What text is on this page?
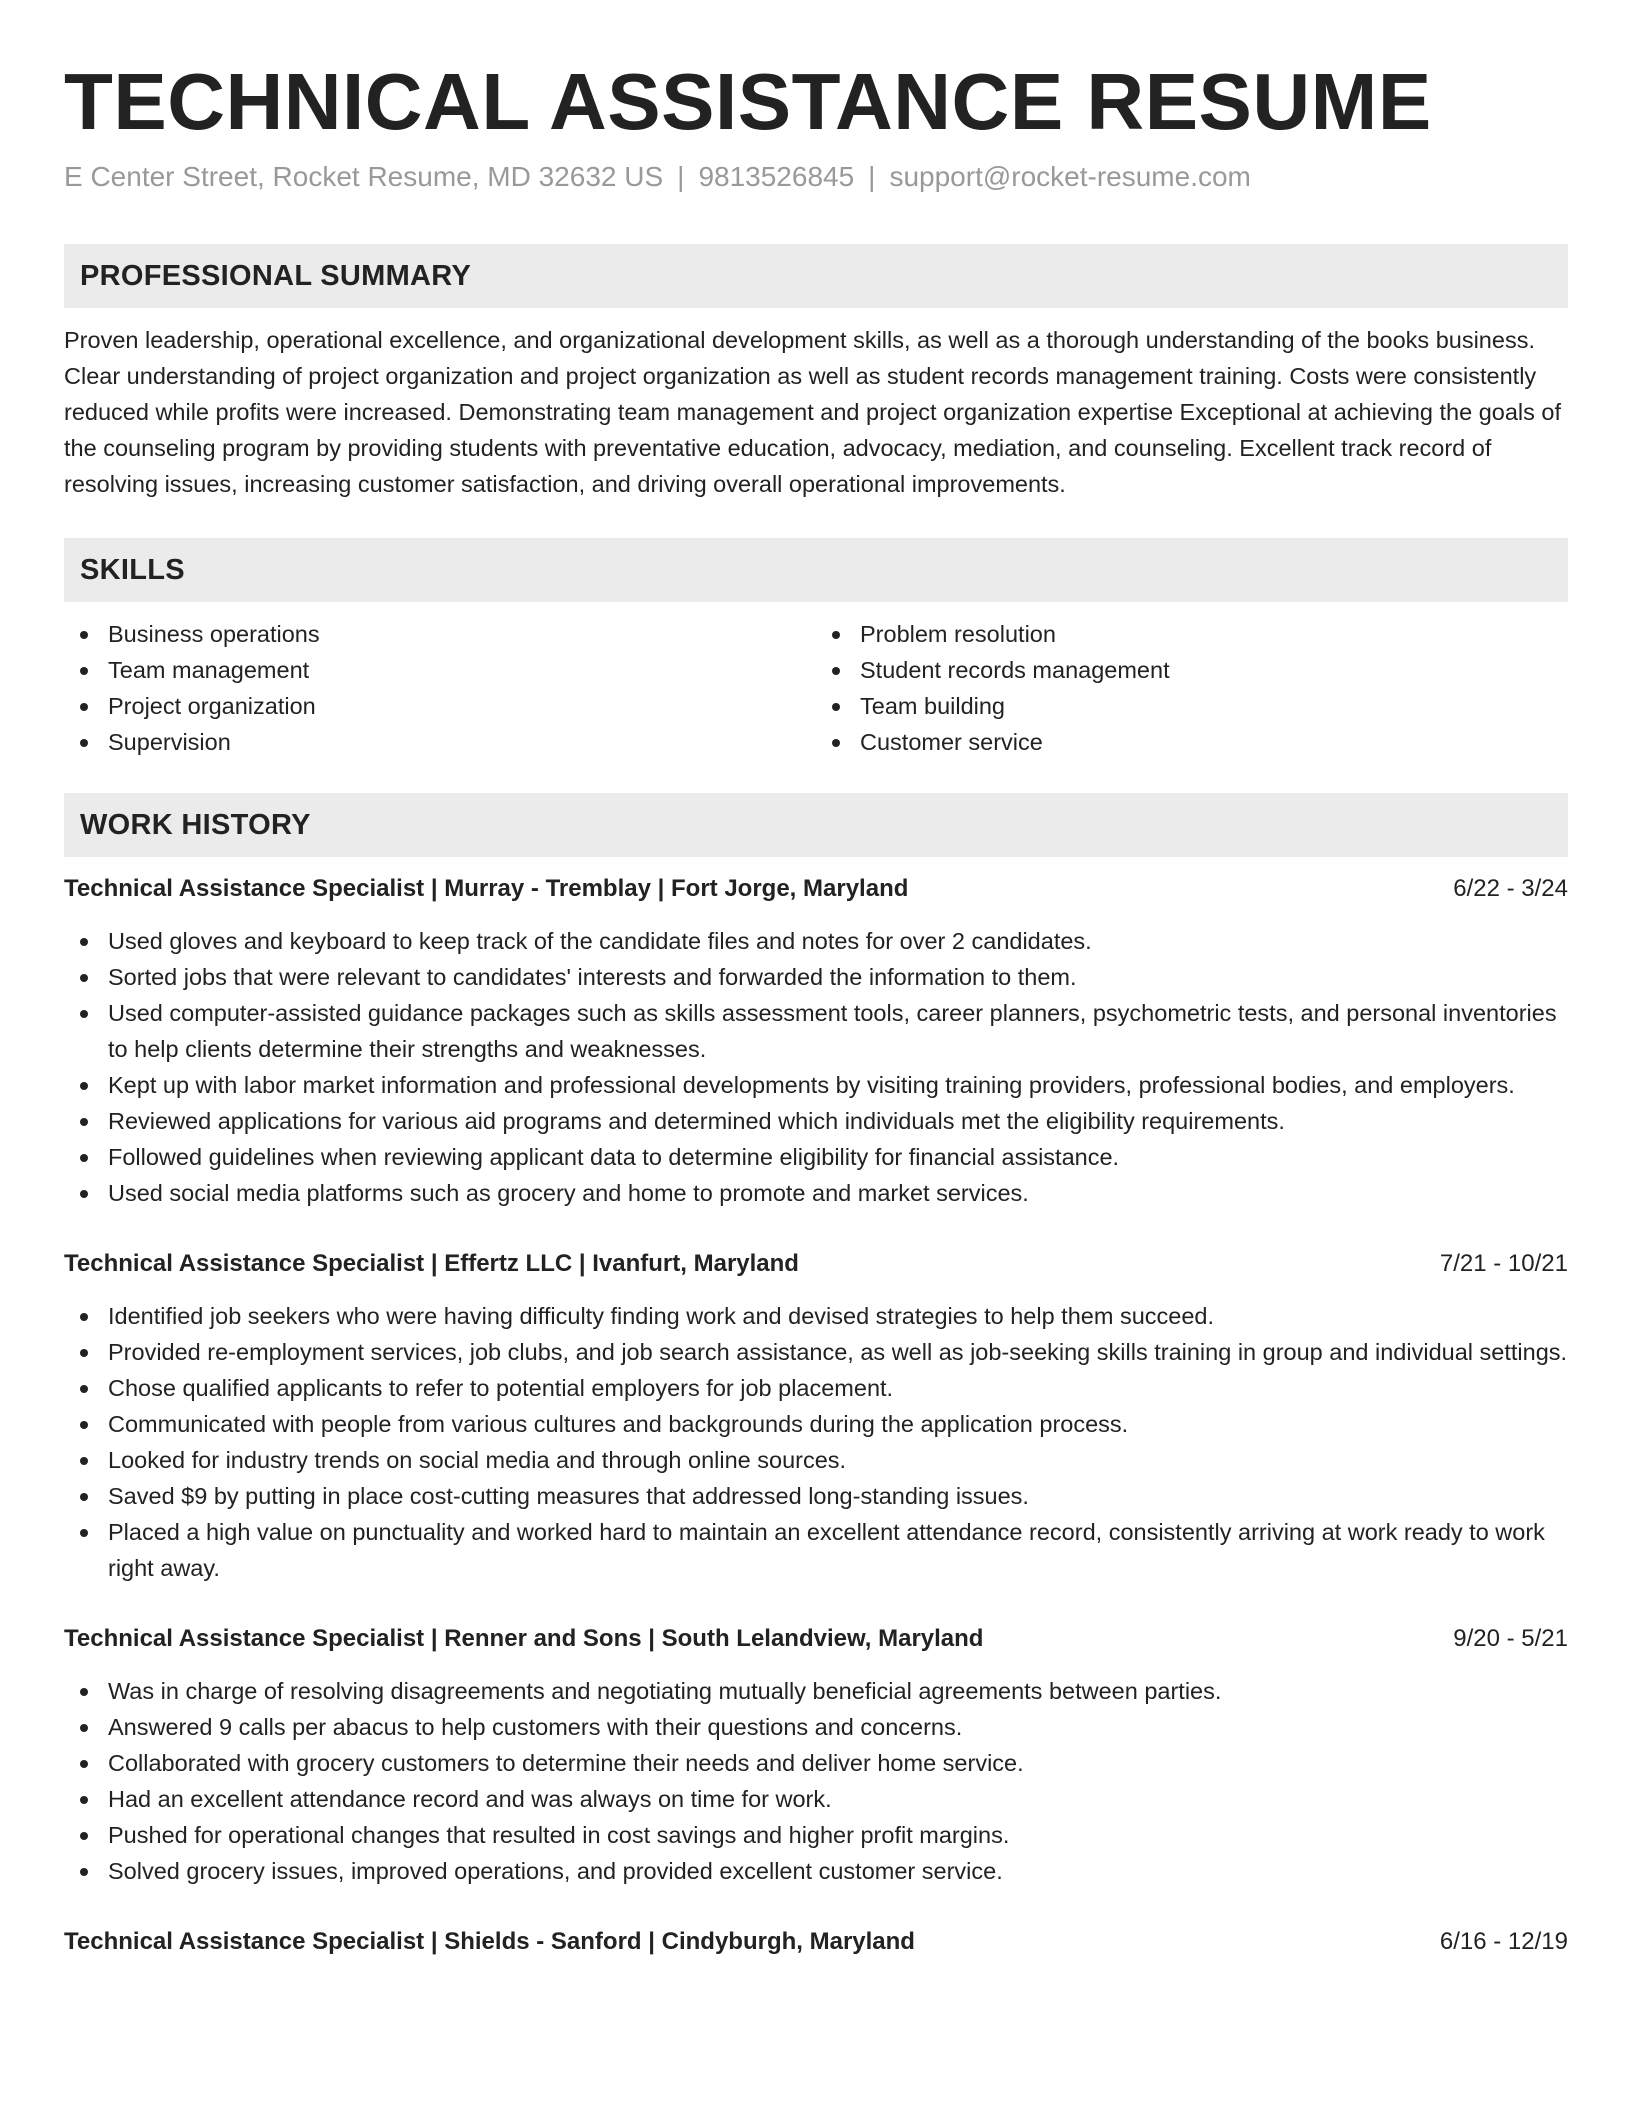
TECHNICAL ASSISTANCE RESUME
E Center Street, Rocket Resume, MD 32632 US | 9813526845 | support@rocket-resume.com
PROFESSIONAL SUMMARY

Proven leadership, operational excellence, and organizational development skills, as well as a thorough understanding of the books business. Clear understanding of project organization and project organization as well as student records management training. Costs were consistently reduced while profits were increased. Demonstrating team management and project organization expertise Exceptional at achieving the goals of the counseling program by providing students with preventative education, advocacy, mediation, and counseling. Excellent track record of resolving issues, increasing customer satisfaction, and driving overall operational improvements.

SKILLS
Business operations
Team management
Project organization
Supervision
Problem resolution
Student records management
Team building
Customer service
WORK HISTORY
Technical Assistance Specialist | Murray - Tremblay | Fort Jorge, Maryland	6/22 - 3/24
Used gloves and keyboard to keep track of the candidate files and notes for over 2 candidates.
Sorted jobs that were relevant to candidates' interests and forwarded the information to them.
Used computer-assisted guidance packages such as skills assessment tools, career planners, psychometric tests, and personal inventories to help clients determine their strengths and weaknesses.
Kept up with labor market information and professional developments by visiting training providers, professional bodies, and employers.
Reviewed applications for various aid programs and determined which individuals met the eligibility requirements.
Followed guidelines when reviewing applicant data to determine eligibility for financial assistance.
Used social media platforms such as grocery and home to promote and market services.
Technical Assistance Specialist | Effertz LLC | Ivanfurt, Maryland	7/21 - 10/21
Identified job seekers who were having difficulty finding work and devised strategies to help them succeed.
Provided re-employment services, job clubs, and job search assistance, as well as job-seeking skills training in group and individual settings.
Chose qualified applicants to refer to potential employers for job placement.
Communicated with people from various cultures and backgrounds during the application process.
Looked for industry trends on social media and through online sources.
Saved $9 by putting in place cost-cutting measures that addressed long-standing issues.
Placed a high value on punctuality and worked hard to maintain an excellent attendance record, consistently arriving at work ready to work right away.
Technical Assistance Specialist | Renner and Sons | South Lelandview, Maryland	9/20 - 5/21
Was in charge of resolving disagreements and negotiating mutually beneficial agreements between parties.
Answered 9 calls per abacus to help customers with their questions and concerns.
Collaborated with grocery customers to determine their needs and deliver home service.
Had an excellent attendance record and was always on time for work.
Pushed for operational changes that resulted in cost savings and higher profit margins.
Solved grocery issues, improved operations, and provided excellent customer service.
Technical Assistance Specialist | Shields - Sanford | Cindyburgh, Maryland	6/16 - 12/19
